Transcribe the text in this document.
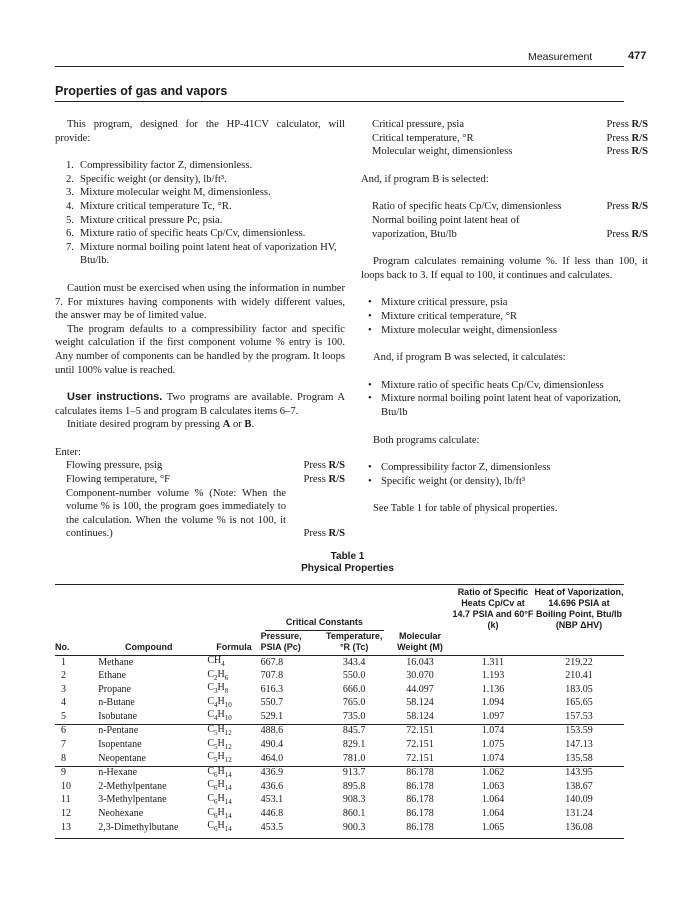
Measurement	477
Properties of gas and vapors

This program, designed for the HP-41CV calculator, will provide:

1. Compressibility factor Z, dimensionless.
2. Specific weight (or density), lb/ft³.
3. Mixture molecular weight M, dimensionless.
4. Mixture critical temperature Tc, °R.
5. Mixture critical pressure Pc, psia.
6. Mixture ratio of specific heats Cp/Cv, dimensionless.
7. Mixture normal boiling point latent heat of vaporization HV, Btu/lb.

Caution must be exercised when using the information in number 7. For mixtures having components with widely different values, the answer may be of limited value.

The program defaults to a compressibility factor and specific weight calculation if the first component volume % entry is 100. Any number of components can be handled by the program. It loops until 100% value is reached.

User instructions. Two programs are available. Program A calculates items 1–5 and program B calculates items 6–7.

Initiate desired program by pressing A or B.

Enter:

Flowing pressure, psig	Press R/S
Flowing temperature, °F	Press R/S
Component-number volume % (Note: When the volume % is 100, the program goes immediately to the calculation. When the volume % is not 100, it continues.)	Press R/S
Critical pressure, psia	Press R/S
Critical temperature, °R	Press R/S
Molecular weight, dimensionless	Press R/S

And, if program B is selected:

Ratio of specific heats Cp/Cv, dimensionless	Press R/S
Normal boiling point latent heat of vaporization, Btu/lb	Press R/S

Program calculates remaining volume %. If less than 100, it loops back to 3. If equal to 100, it continues and calculates.

• Mixture critical pressure, psia
• Mixture critical temperature, °R
• Mixture molecular weight, dimensionless

And, if program B was selected, it calculates:

• Mixture ratio of specific heats Cp/Cv, dimensionless
• Mixture normal boiling point latent heat of vaporization, Btu/lb

Both programs calculate:

• Compressibility factor Z, dimensionless
• Specific weight (or density), lb/ft³

See Table 1 for table of physical properties.

Table 1
Physical Properties

			Critical Constants			Ratio of Specific Heats Cp/Cv at 14.7 PSIA and 60°F (k)	Heat of Vaporization, 14.696 PSIA at Boiling Point, Btu/lb (NBP ΔHV)

No.	Compound	Formula	Pressure, PSIA (Pc)	Temperature, °R (Tc)	Molecular Weight (M)		

1	Methane	$CH_4$	667.8	343.4	16.043	1.311	219.22
2	Ethane	$C_2H_6$	707.8	550.0	30.070	1.193	210.41
3	Propane	$C_3H_8$	616.3	666.0	44.097	1.136	183.05
4	n-Butane	$C_4H_{10}$	550.7	765.0	58.124	1.094	165.65
5	Isobutane	$C_4H_{10}$	529.1	735.0	58.124	1.097	157.53
6	n-Pentane	$C_5H_{12}$	488.6	845.7	72.151	1.074	153.59
7	Isopentane	$C_5H_{12}$	490.4	829.1	72.151	1.075	147.13
8	Neopentane	$C_5H_{12}$	464.0	781.0	72.151	1.074	135.58
9	n-Hexane	$C_6H_{14}$	436.9	913.7	86.178	1.062	143.95
10	2-Methylpentane	$C_6H_{14}$	436.6	895.8	86.178	1.063	138.67
11	3-Methylpentane	$C_6H_{14}$	453.1	908.3	86.178	1.064	140.09
12	Neohexane	$C_6H_{14}$	446.8	860.1	86.178	1.064	131.24
13	2,3-Dimethylbutane	$C_6H_{14}$	453.5	900.3	86.178	1.065	136.08
